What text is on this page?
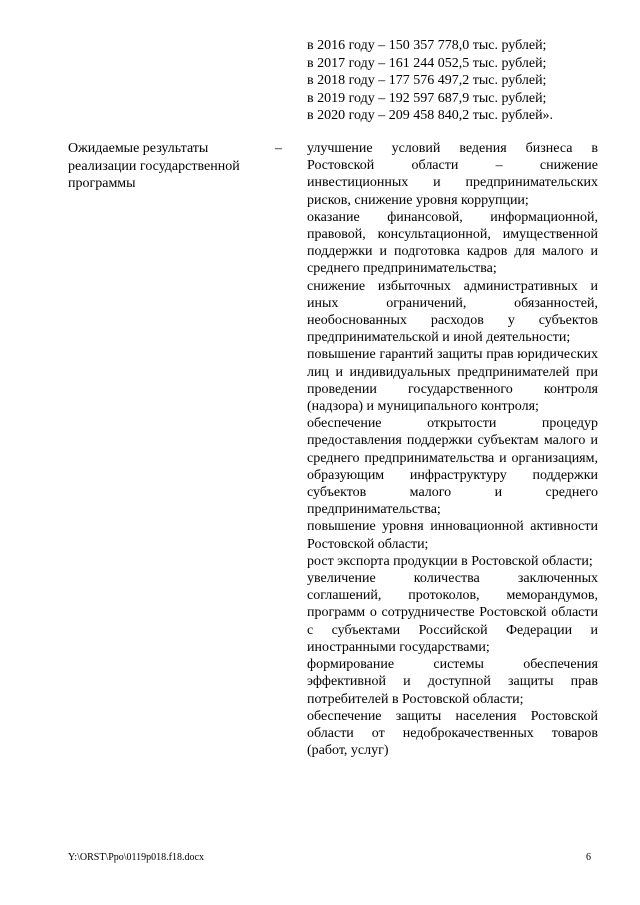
в 2016 году – 150 357 778,0 тыс. рублей;
в 2017 году – 161 244 052,5 тыс. рублей;
в 2018 году – 177 576 497,2 тыс. рублей;
в 2019 году – 192 597 687,9 тыс. рублей;
в 2020 году – 209 458 840,2 тыс. рублей».
Ожидаемые результаты реализации государственной программы
– улучшение условий ведения бизнеса в Ростовской области – снижение инвестиционных и предпринимательских рисков, снижение уровня коррупции;
оказание финансовой, информационной, правовой, консультационной, имущественной поддержки и подготовка кадров для малого и среднего предпринимательства;
снижение избыточных административных и иных ограничений, обязанностей, необоснованных расходов у субъектов предпринимательской и иной деятельности;
повышение гарантий защиты прав юридических лиц и индивидуальных предпринимателей при проведении государственного контроля (надзора) и муниципального контроля;
обеспечение открытости процедур предоставления поддержки субъектам малого и среднего предпринимательства и организациям, образующим инфраструктуру поддержки субъектов малого и среднего предпринимательства;
повышение уровня инновационной активности Ростовской области;
рост экспорта продукции в Ростовской области;
увеличение количества заключенных соглашений, протоколов, меморандумов, программ о сотрудничестве Ростовской области с субъектами Российской Федерации и иностранными государствами;
формирование системы обеспечения эффективной и доступной защиты прав потребителей в Ростовской области;
обеспечение защиты населения Ростовской области от недоброкачественных товаров (работ, услуг)
Y:\ORST\Ppo\0119p018.f18.docx	6
